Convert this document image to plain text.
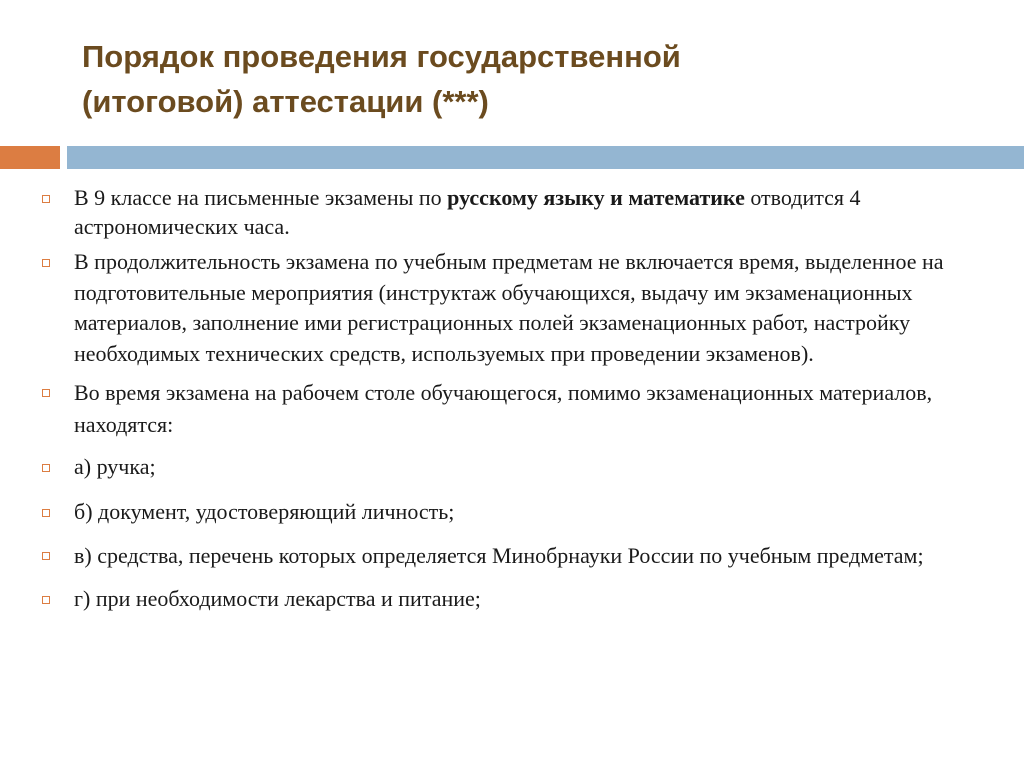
Порядок проведения государственной
(итоговой) аттестации (***)
В 9 классе на письменные экзамены по русскому языку и математике отводится 4 астрономических часа.
В продолжительность экзамена по учебным предметам не включается время, выделенное на подготовительные мероприятия (инструктаж обучающихся, выдачу им экзаменационных материалов, заполнение ими регистрационных полей экзаменационных работ, настройку необходимых технических средств, используемых при проведении экзаменов).
Во время экзамена на рабочем столе обучающегося, помимо экзаменационных материалов, находятся:
а) ручка;
б) документ, удостоверяющий личность;
в) средства, перечень которых определяется Минобрнауки России по учебным предметам;
г) при необходимости лекарства и питание;
